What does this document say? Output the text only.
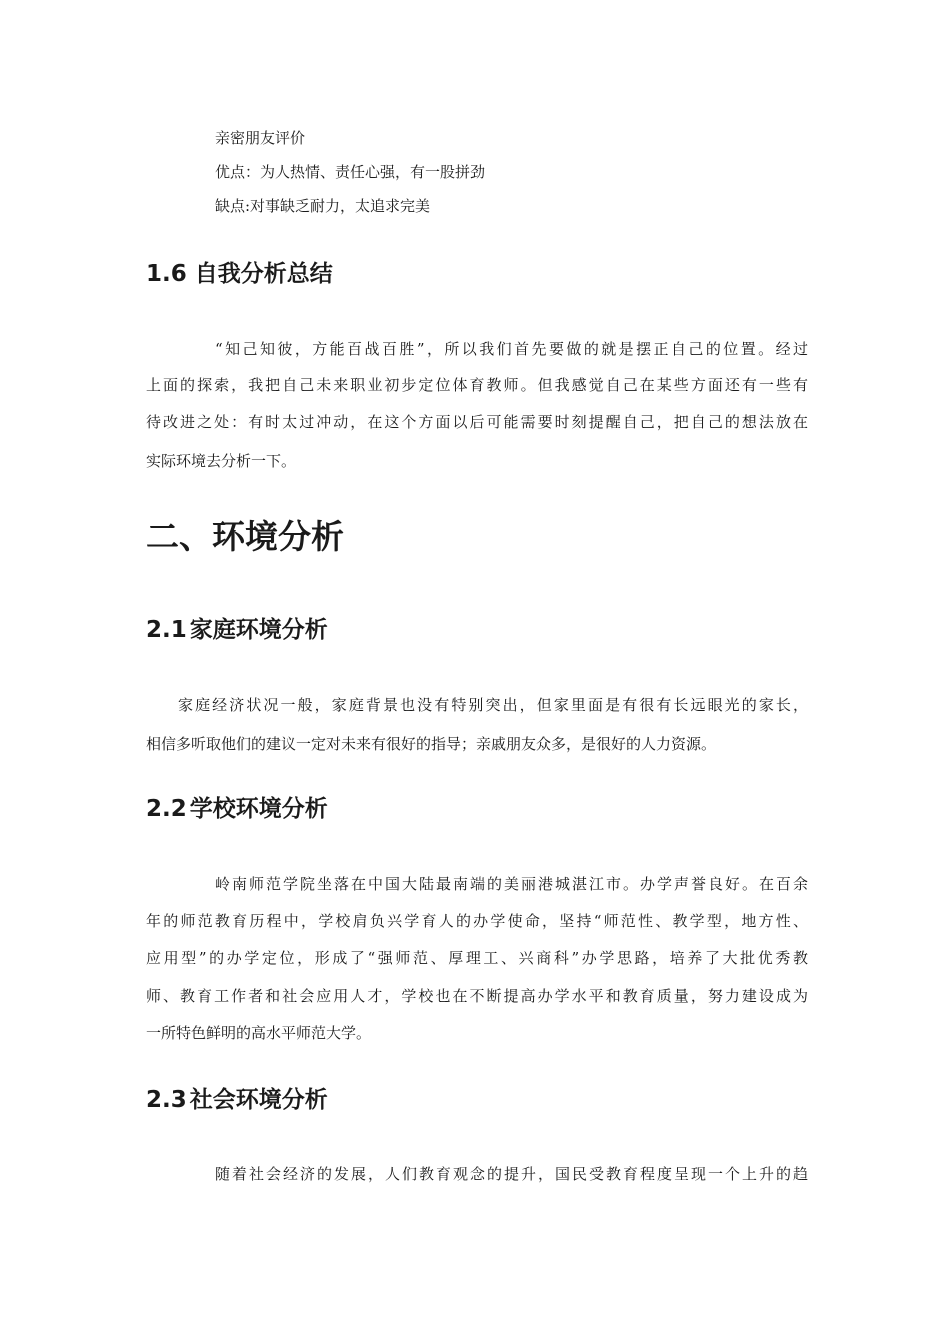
亲密朋友评价
优点：为人热情、责任心强，有一股拼劲
缺点:对事缺乏耐力，太追求完美
1.6 自我分析总结
“知己知彼，方能百战百胜”，所以我们首先要做的就是摆正自己的位置。经过
上面的探索，我把自己未来职业初步定位体育教师。但我感觉自己在某些方面还有一些有
待改进之处：有时太过冲动，在这个方面以后可能需要时刻提醒自己，把自己的想法放在
实际环境去分析一下。
二、环境分析
2.1 家庭环境分析
家庭经济状况一般，家庭背景也没有特别突出，但家里面是有很有长远眼光的家长，
相信多听取他们的建议一定对未来有很好的指导；亲戚朋友众多，是很好的人力资源。
2.2 学校环境分析
岭南师范学院坐落在中国大陆最南端的美丽港城湛江市。办学声誉良好。在百余
年的师范教育历程中，学校肩负兴学育人的办学使命，坚持“师范性、教学型，地方性、
应用型”的办学定位，形成了“强师范、厚理工、兴商科”办学思路，培养了大批优秀教
师、教育工作者和社会应用人才，学校也在不断提高办学水平和教育质量，努力建设成为
一所特色鲜明的高水平师范大学。
2.3 社会环境分析
随着社会经济的发展，人们教育观念的提升，国民受教育程度呈现一个上升的趋
